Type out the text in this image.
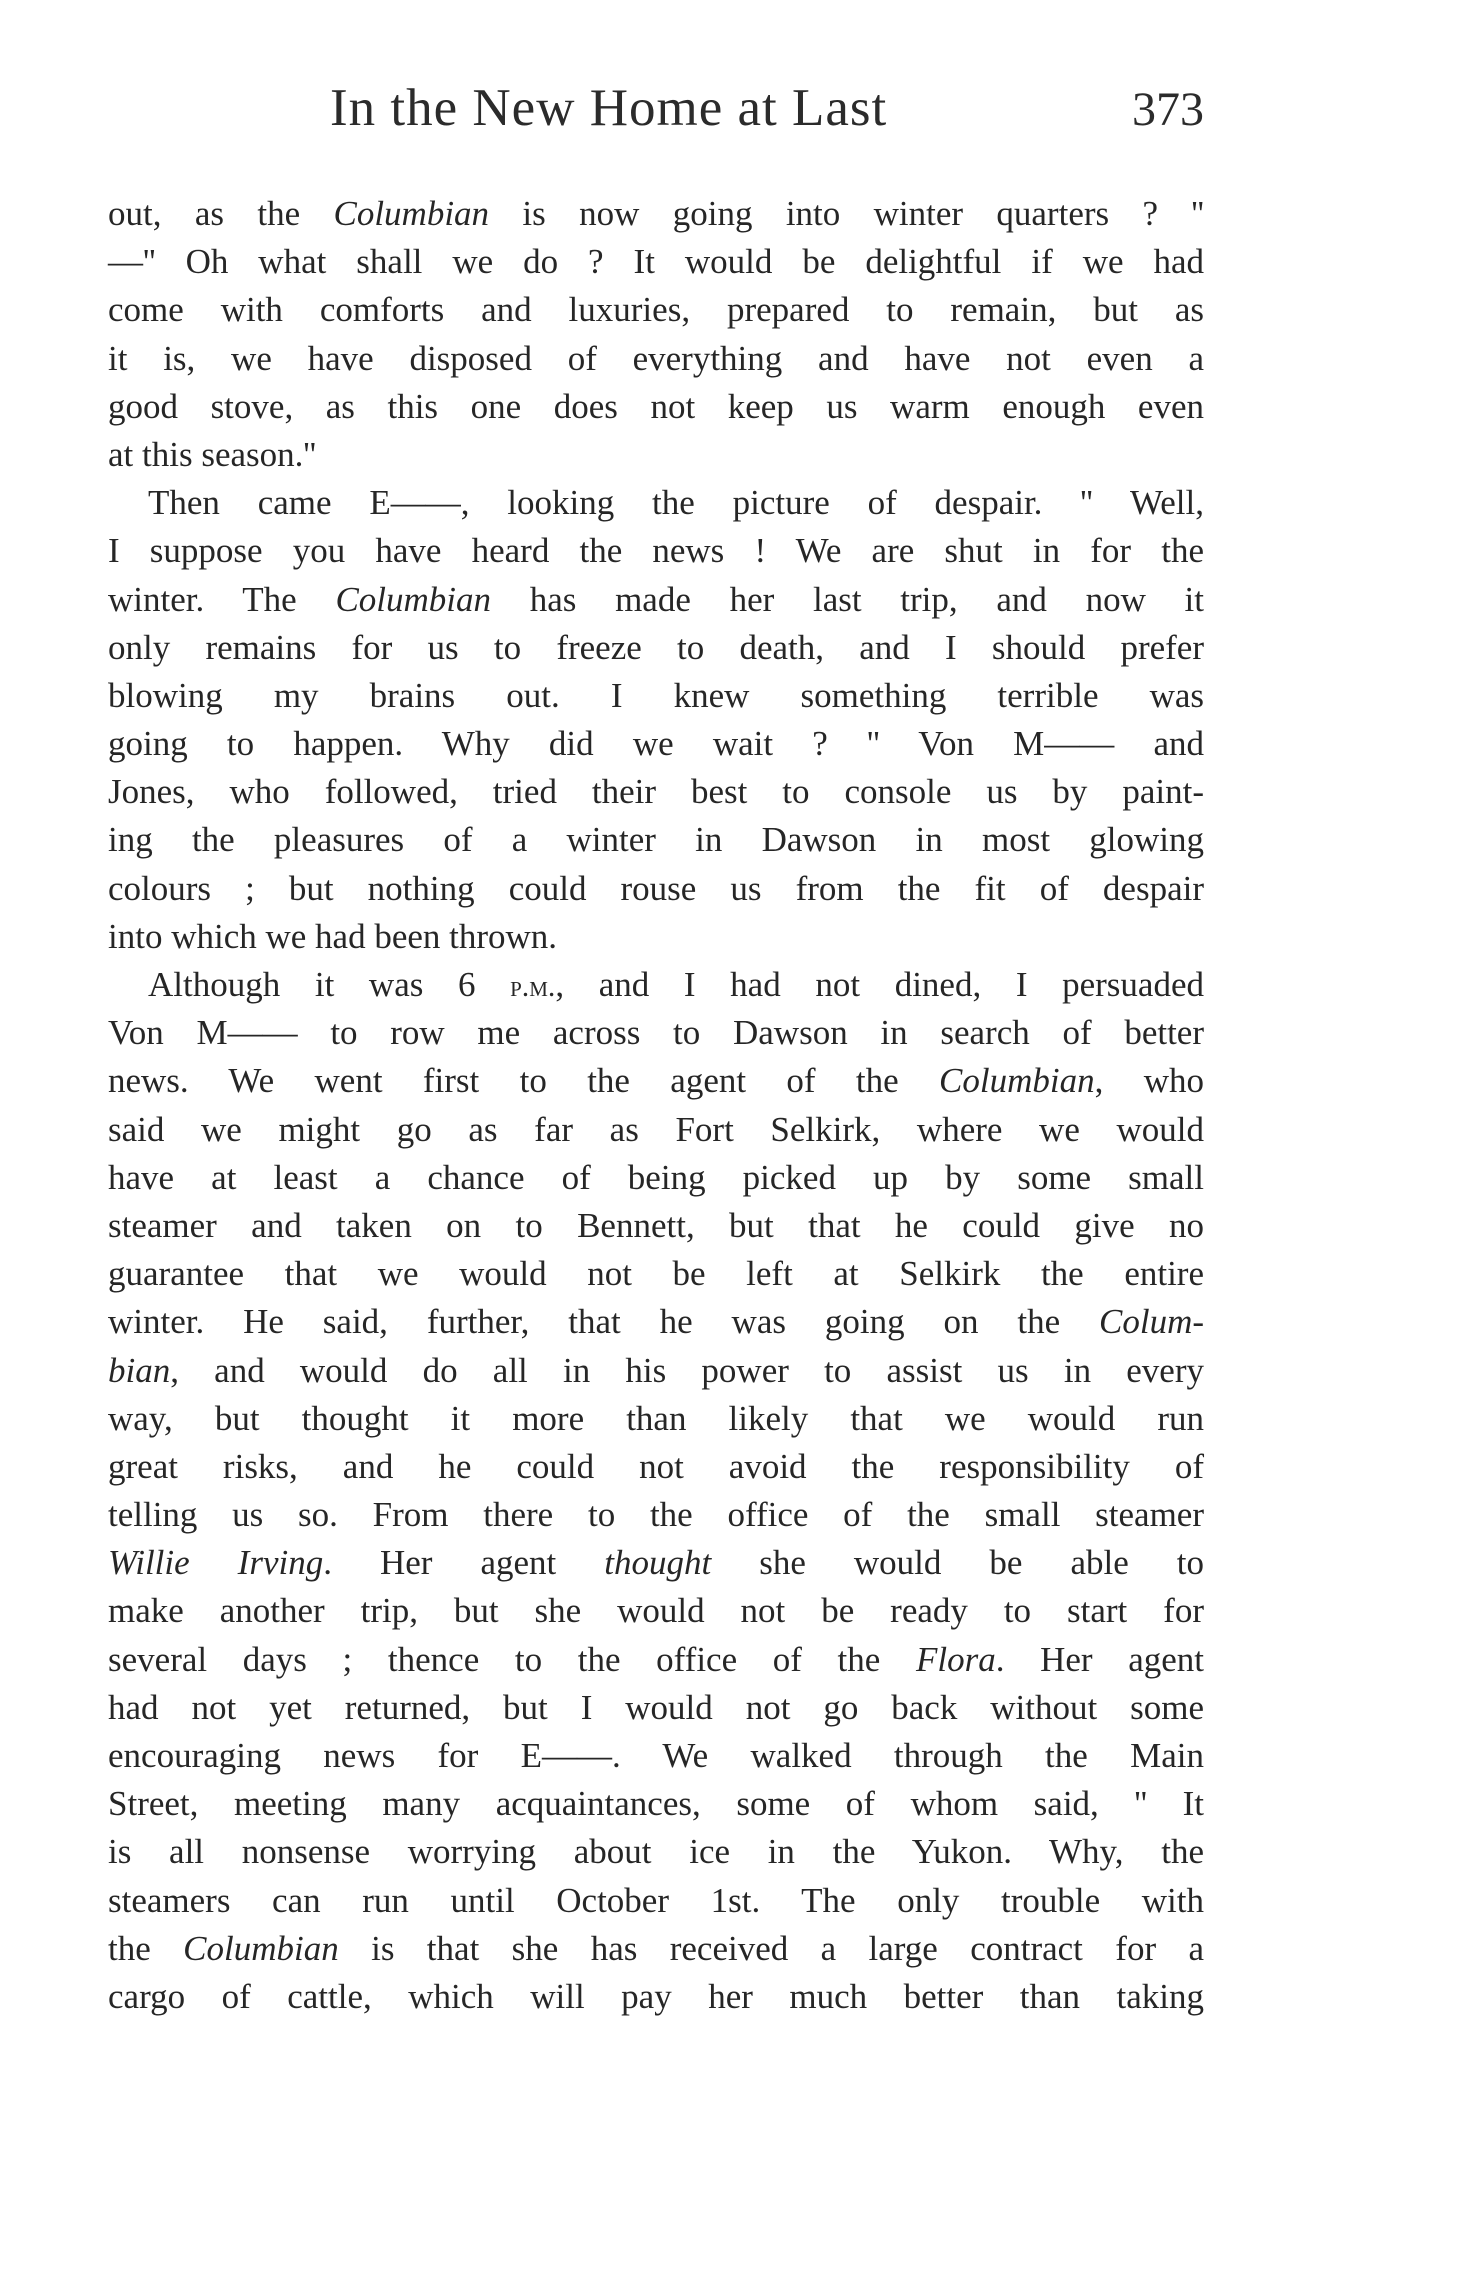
In the New Home at Last	373
out, as the Columbian is now going into winter quarters ? ''
—'' Oh what shall we do ? It would be delightful if we had
come with comforts and luxuries, prepared to remain, but as
it is, we have disposed of everything and have not even a
good stove, as this one does not keep us warm enough even
at this season.''
Then came E——, looking the picture of despair. '' Well,
I suppose you have heard the news ! We are shut in for the
winter. The Columbian has made her last trip, and now it
only remains for us to freeze to death, and I should prefer
blowing my brains out. I knew something terrible was
going to happen. Why did we wait ? '' Von M—— and
Jones, who followed, tried their best to console us by paint-
ing the pleasures of a winter in Dawson in most glowing
colours ; but nothing could rouse us from the fit of despair
into which we had been thrown.
Although it was 6 p.m., and I had not dined, I persuaded
Von M—— to row me across to Dawson in search of better
news. We went first to the agent of the Columbian, who
said we might go as far as Fort Selkirk, where we would
have at least a chance of being picked up by some small
steamer and taken on to Bennett, but that he could give no
guarantee that we would not be left at Selkirk the entire
winter. He said, further, that he was going on the Colum-
bian, and would do all in his power to assist us in every
way, but thought it more than likely that we would run
great risks, and he could not avoid the responsibility of
telling us so. From there to the office of the small steamer
Willie Irving. Her agent thought she would be able to
make another trip, but she would not be ready to start for
several days ; thence to the office of the Flora. Her agent
had not yet returned, but I would not go back without some
encouraging news for E——. We walked through the Main
Street, meeting many acquaintances, some of whom said, '' It
is all nonsense worrying about ice in the Yukon. Why, the
steamers can run until October 1st. The only trouble with
the Columbian is that she has received a large contract for a
cargo of cattle, which will pay her much better than taking
